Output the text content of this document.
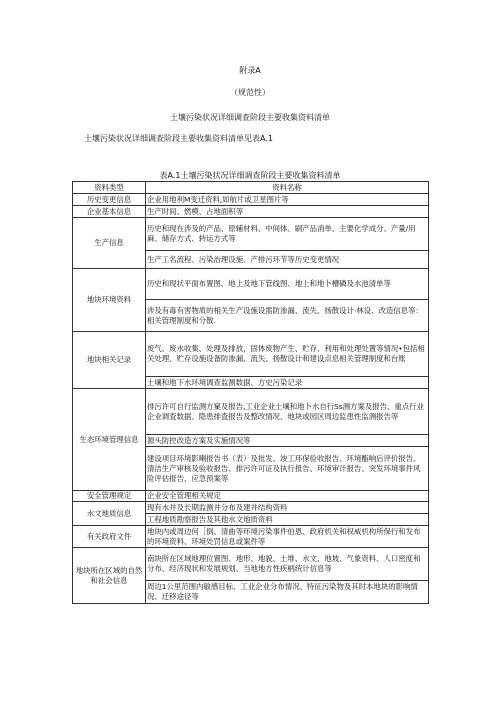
附录A
（规范性）
土壤污染状况详细调查阶段主要收集资料清单
土壤污染状况详细调查阶段主要收集资料清单见表A.1
表A.1土壤污染状况详细调查阶段主要收集资料清单
资料类型	资料名称
历史变更信息	企业用地利M变迁资料,如航片或卫星图片等
企业基本信息	生产时间、燃模、占地面积等
生产信息	历史和现在涉及的产品、原辅材料、中间体、刷产品消单、主要化学成分、产量/用麻、储存方式、转运方式等
	生产工名流程、污染治理设施、产排污环节等历史变更情况
地块环境资料	历史和现状平面布置图、地上及地下管线图、地上和地卜槽磷及水池清单等
	涉及有毒有害物质的相关生产设施设需防渗漏、流失、扬散设计·林设、改造信息等：相关管理制度和分散.
地块相关记录	废气、废水收集、处理及排放，固体废物产生、贮存、利用和处理处置等情况•包括相关处理、贮存设施设备防渗漏、流失、扬散设计和建设点息相关管理制度和台账
	土壤和地下水环境调查监测数据、方史污染记录
生态环境管理信息	排污许可自行监测方窠及报告,工业企业土壤和地卜水自行Ss测方案及报告、重点行业企业调査数据、隐患排査报告及整改情况、地块或园区周边监患性监测报告等
	源头防控改造方案及实施情况等
	建设项目环境影喇报告书（表）及批发、竣工环保验收报告、环境酯响后评价报告、清洁生产审核及验收报告、排污许可证及执行报告、环境审计报告、突发环境事件风险评估报告、应急预案等
安全管理规定	企业安全管理相关规定
水文地质信息	现有水井及长期监测井分布及建井结构资料
	工程地质勘察报告及其他水文地质资料
有关政府文件	地块内或周边何［倒、清曲等环境污染事件伯恩、政府机关和权威机构所保行和发布的环境资料、环境处罚信息或案件等
地块所在区域的自然和社会信息	南块所在区域地理位置图、地形、地貌、土堆、水文、地坡、气象资料、人口密度和分布、经济现状和发展规划、当地地方性疾柄统计信息等
	周边1公里范围内敏感目标、工业企业分布情况、特征污染物及其时本地块的影响情况、迁移途径等
